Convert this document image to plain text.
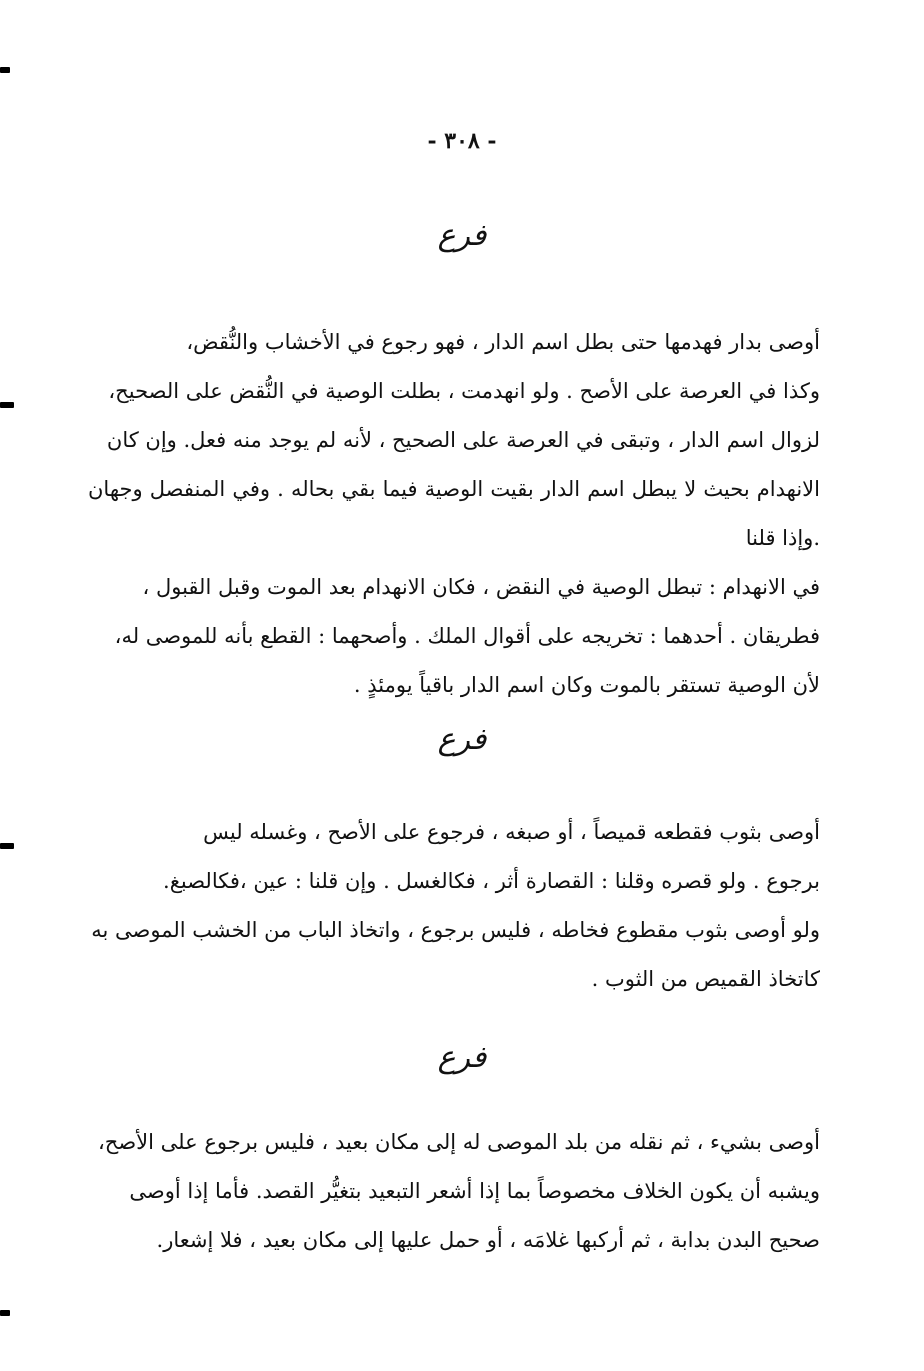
- ٣٠٨ -
فرع
أوصى بدار فهدمها حتى بطل اسم الدار ، فهو رجوع في الأخشاب والنُّقض،
وكذا في العرصة على الأصح . ولو انهدمت ، بطلت الوصية في النُّقض على الصحيح،
لزوال اسم الدار ، وتبقى في العرصة على الصحيح ، لأنه لم يوجد منه فعل. وإن كان
الانهدام بحيث لا يبطل اسم الدار بقيت الوصية فيما بقي بحاله . وفي المنفصل وجهان .وإذا قلنا
في الانهدام : تبطل الوصية في النقض ، فكان الانهدام بعد الموت وقبل القبول ،
فطريقان . أحدهما : تخريجه على أقوال الملك . وأصحهما : القطع بأنه للموصى له،
لأن الوصية تستقر بالموت وكان اسم الدار باقياً يومئذٍ .
فرع
أوصى بثوب فقطعه قميصاً ، أو صبغه ، فرجوع على الأصح ، وغسله ليس
برجوع . ولو قصره وقلنا : القصارة أثر ، فكالغسل . وإن قلنا : عين ،فكالصبغ.
ولو أوصى بثوب مقطوع فخاطه ، فليس برجوع ، واتخاذ الباب من الخشب الموصى به
كاتخاذ القميص من الثوب .
فرع
أوصى بشيء ، ثم نقله من بلد الموصى له إلى مكان بعيد ، فليس برجوع على الأصح،
ويشبه أن يكون الخلاف مخصوصاً بما إذا أشعر التبعيد بتغيُّر القصد. فأما إذا أوصى
صحيح البدن بدابة ، ثم أركبها غلامَه ، أو حمل عليها إلى مكان بعيد ، فلا إشعار.
